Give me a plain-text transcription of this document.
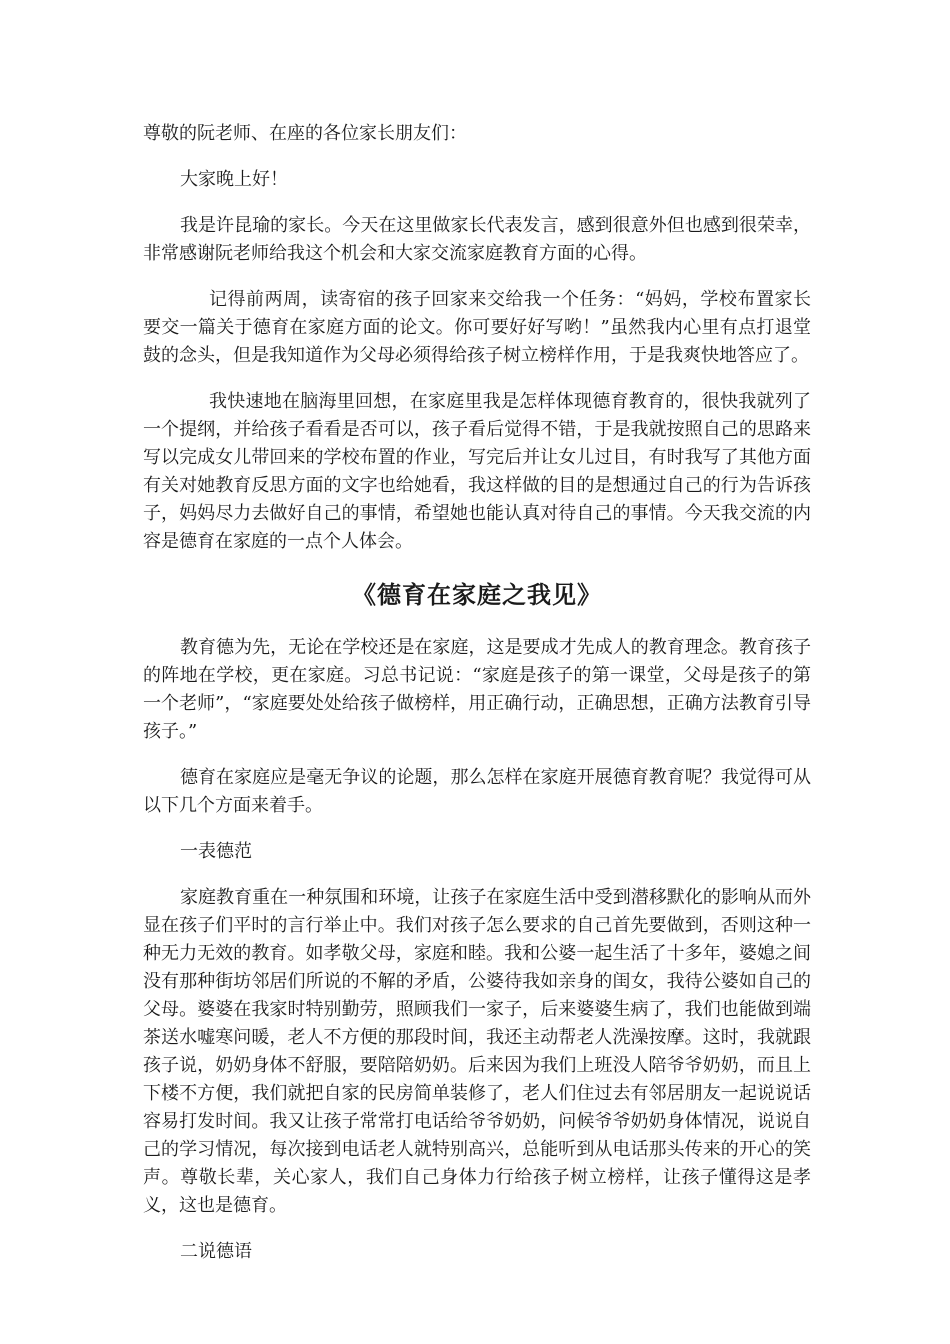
尊敬的阮老师、在座的各位家长朋友们：

大家晚上好！

我是许昆瑜的家长。今天在这里做家长代表发言，感到很意外但也感到很荣幸，非常感谢阮老师给我这个机会和大家交流家庭教育方面的心得。

记得前两周，读寄宿的孩子回家来交给我一个任务：“妈妈，学校布置家长要交一篇关于德育在家庭方面的论文。你可要好好写哟！”虽然我内心里有点打退堂鼓的念头，但是我知道作为父母必须得给孩子树立榜样作用，于是我爽快地答应了。

我快速地在脑海里回想，在家庭里我是怎样体现德育教育的，很快我就列了一个提纲，并给孩子看看是否可以，孩子看后觉得不错，于是我就按照自己的思路来写以完成女儿带回来的学校布置的作业，写完后并让女儿过目，有时我写了其他方面有关对她教育反思方面的文字也给她看，我这样做的目的是想通过自己的行为告诉孩子，妈妈尽力去做好自己的事情，希望她也能认真对待自己的事情。今天我交流的内容是德育在家庭的一点个人体会。

《德育在家庭之我见》

教育德为先，无论在学校还是在家庭，这是要成才先成人的教育理念。教育孩子的阵地在学校，更在家庭。习总书记说：“家庭是孩子的第一课堂，父母是孩子的第一个老师”，“家庭要处处给孩子做榜样，用正确行动，正确思想，正确方法教育引导孩子。”

德育在家庭应是毫无争议的论题，那么怎样在家庭开展德育教育呢？我觉得可从以下几个方面来着手。

一表德范

家庭教育重在一种氛围和环境，让孩子在家庭生活中受到潜移默化的影响从而外显在孩子们平时的言行举止中。我们对孩子怎么要求的自己首先要做到，否则这种一种无力无效的教育。如孝敬父母，家庭和睦。我和公婆一起生活了十多年，婆媳之间没有那种街坊邻居们所说的不解的矛盾，公婆待我如亲身的闺女，我待公婆如自己的父母。婆婆在我家时特别勤劳，照顾我们一家子，后来婆婆生病了，我们也能做到端茶送水嘘寒问暖，老人不方便的那段时间，我还主动帮老人洗澡按摩。这时，我就跟孩子说，奶奶身体不舒服，要陪陪奶奶。后来因为我们上班没人陪爷爷奶奶，而且上下楼不方便，我们就把自家的民房简单装修了，老人们住过去有邻居朋友一起说说话容易打发时间。我又让孩子常常打电话给爷爷奶奶，问候爷爷奶奶身体情况，说说自己的学习情况，每次接到电话老人就特别高兴，总能听到从电话那头传来的开心的笑声。尊敬长辈，关心家人，我们自己身体力行给孩子树立榜样，让孩子懂得这是孝义，这也是德育。

二说德语
